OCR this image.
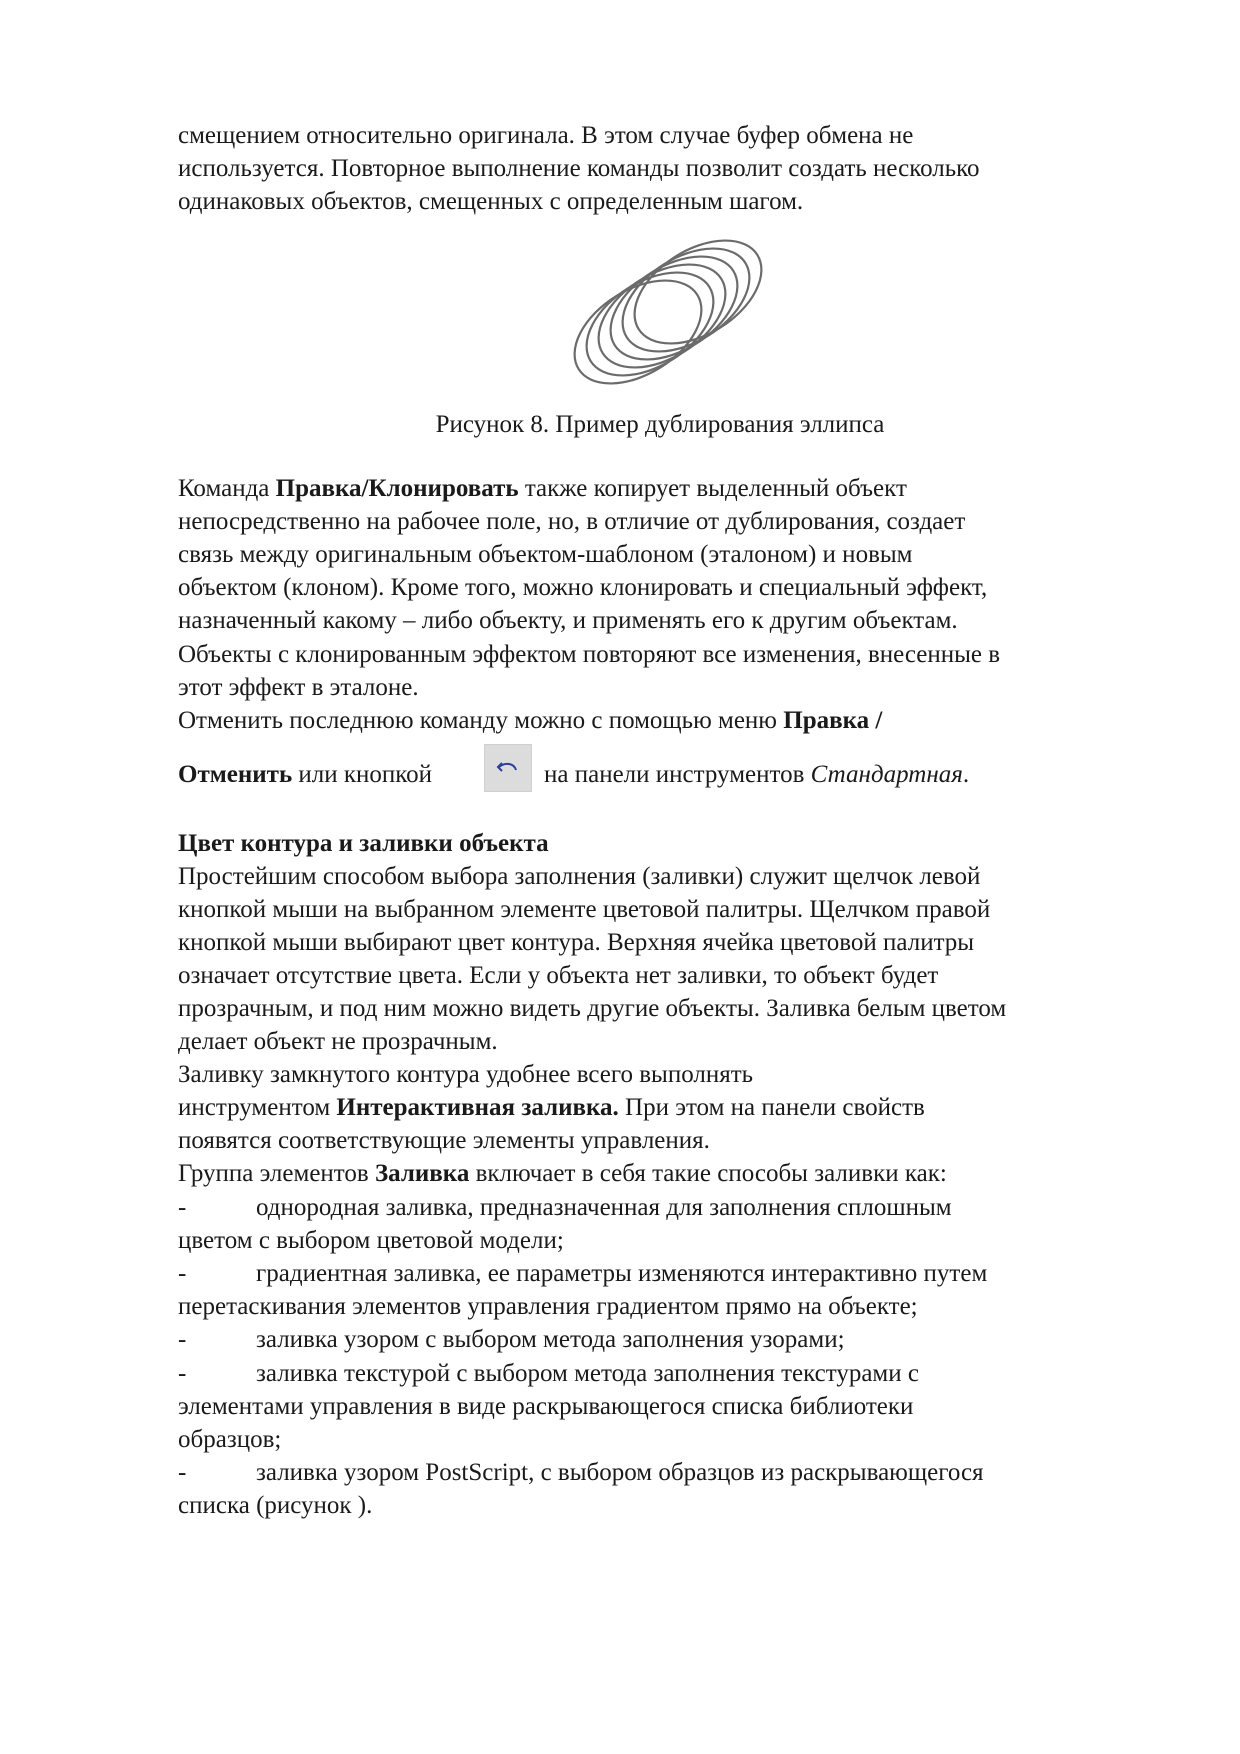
смещением относительно оригинала. В этом случае буфер обмена не
используется. Повторное выполнение команды позволит создать несколько
одинаковых объектов, смещенных с определенным шагом.
Рисунок 8. Пример дублирования эллипса
Команда Правка/Клонировать также копирует выделенный объект
непосредственно на рабочее поле, но, в отличие от дублирования, создает
связь между оригинальным объектом-шаблоном (эталоном) и новым
объектом (клоном). Кроме того, можно клонировать и специальный эффект,
назначенный какому – либо объекту, и применять его к другим объектам.
Объекты с клонированным эффектом повторяют все изменения, внесенные в
этот эффект в эталоне.
Отменить последнюю команду можно с помощью меню Правка /
Отменить или кнопкой	на панели инструментов Стандартная.
Цвет контура и заливки объекта
Простейшим способом выбора заполнения (заливки) служит щелчок левой
кнопкой мыши на выбранном элементе цветовой палитры. Щелчком правой
кнопкой мыши выбирают цвет контура. Верхняя ячейка цветовой палитры
означает отсутствие цвета. Если у объекта нет заливки, то объект будет
прозрачным, и под ним можно видеть другие объекты. Заливка белым цветом
делает объект не прозрачным.
Заливку замкнутого контура удобнее всего выполнять
инструментом Интерактивная заливка. При этом на панели свойств
появятся соответствующие элементы управления.
Группа элементов Заливка включает в себя такие способы заливки как:
-	однородная заливка, предназначенная для заполнения сплошным
цветом с выбором цветовой модели;
-	градиентная заливка, ее параметры изменяются интерактивно путем
перетаскивания элементов управления градиентом прямо на объекте;
-	заливка узором с выбором метода заполнения узорами;
-	заливка текстурой с выбором метода заполнения текстурами с
элементами управления в виде раскрывающегося списка библиотеки
образцов;
-	заливка узором PostScript, с выбором образцов из раскрывающегося
списка (рисунок ).
